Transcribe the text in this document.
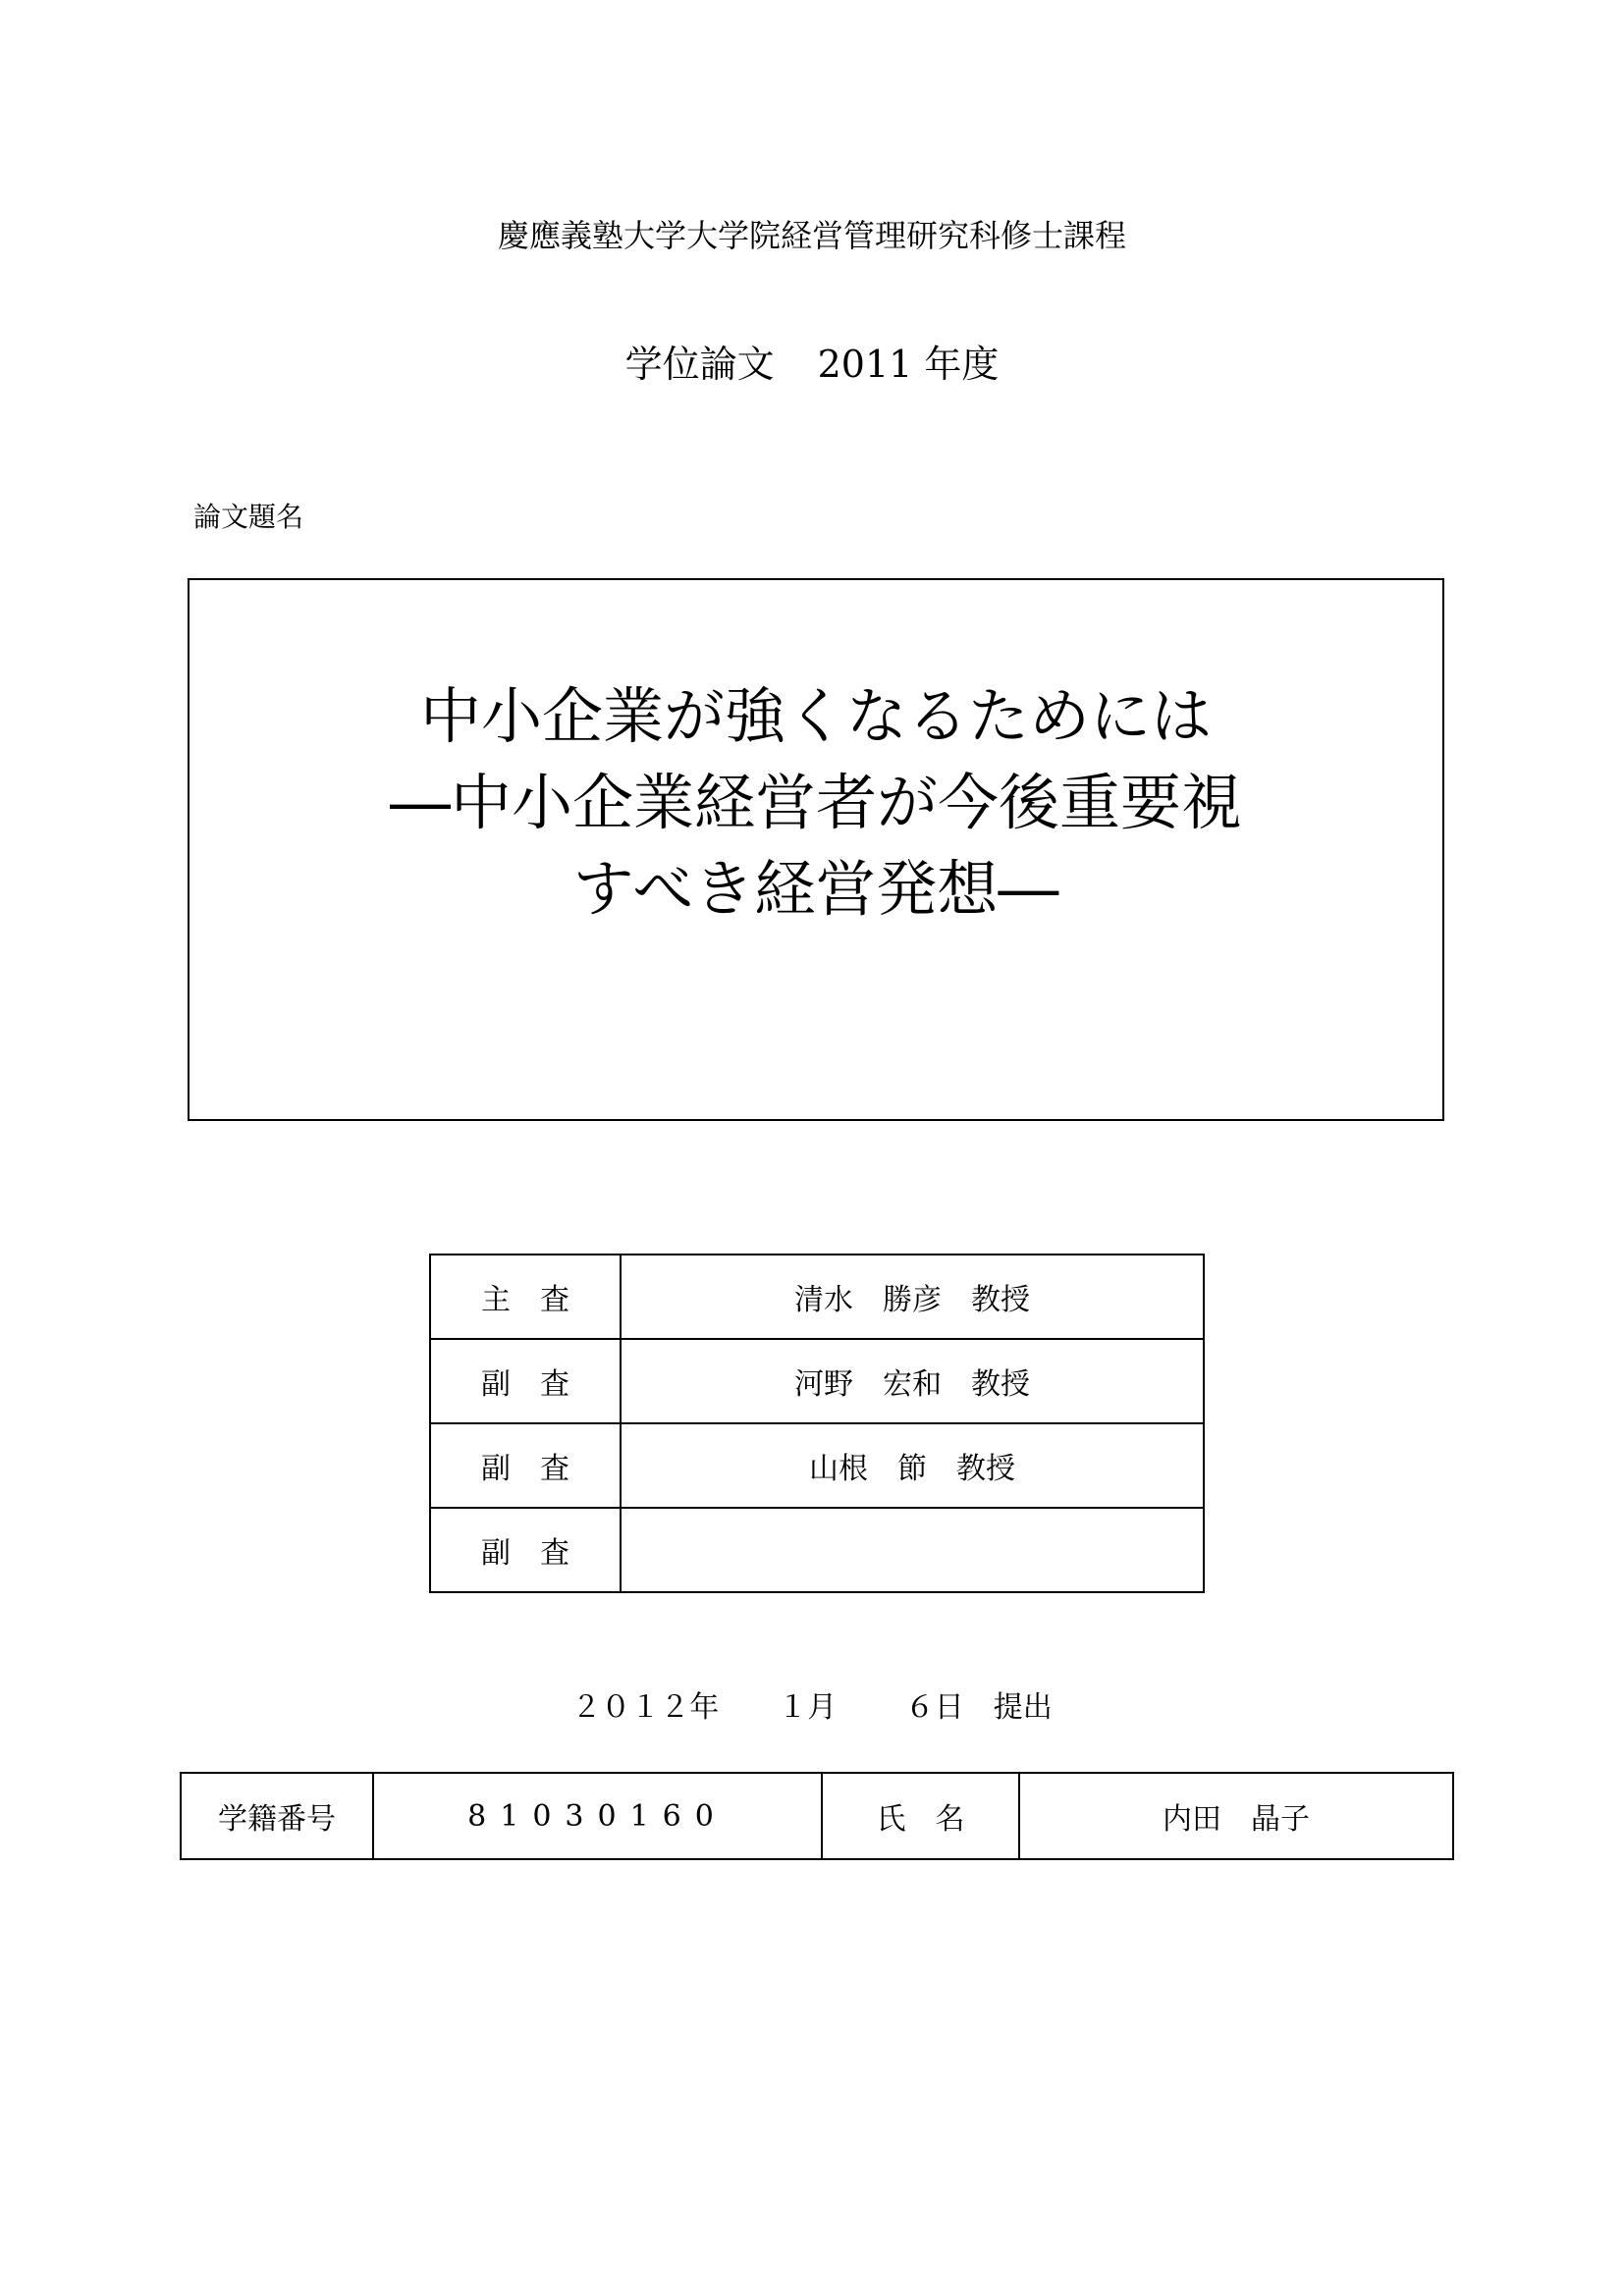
慶應義塾大学大学院経営管理研究科修士課程
学位論文 2011 年度
論文題名
中小企業が強くなるためには
―中小企業経営者が今後重要視
すべき経営発想―
主　査	清水　勝彦　教授
副　査	河野　宏和　教授
副　査	山根　節　教授
副　査	
２０１２年　　１月　　 ６日　提出
学籍番号	81030160	氏　名	内田　晶子
